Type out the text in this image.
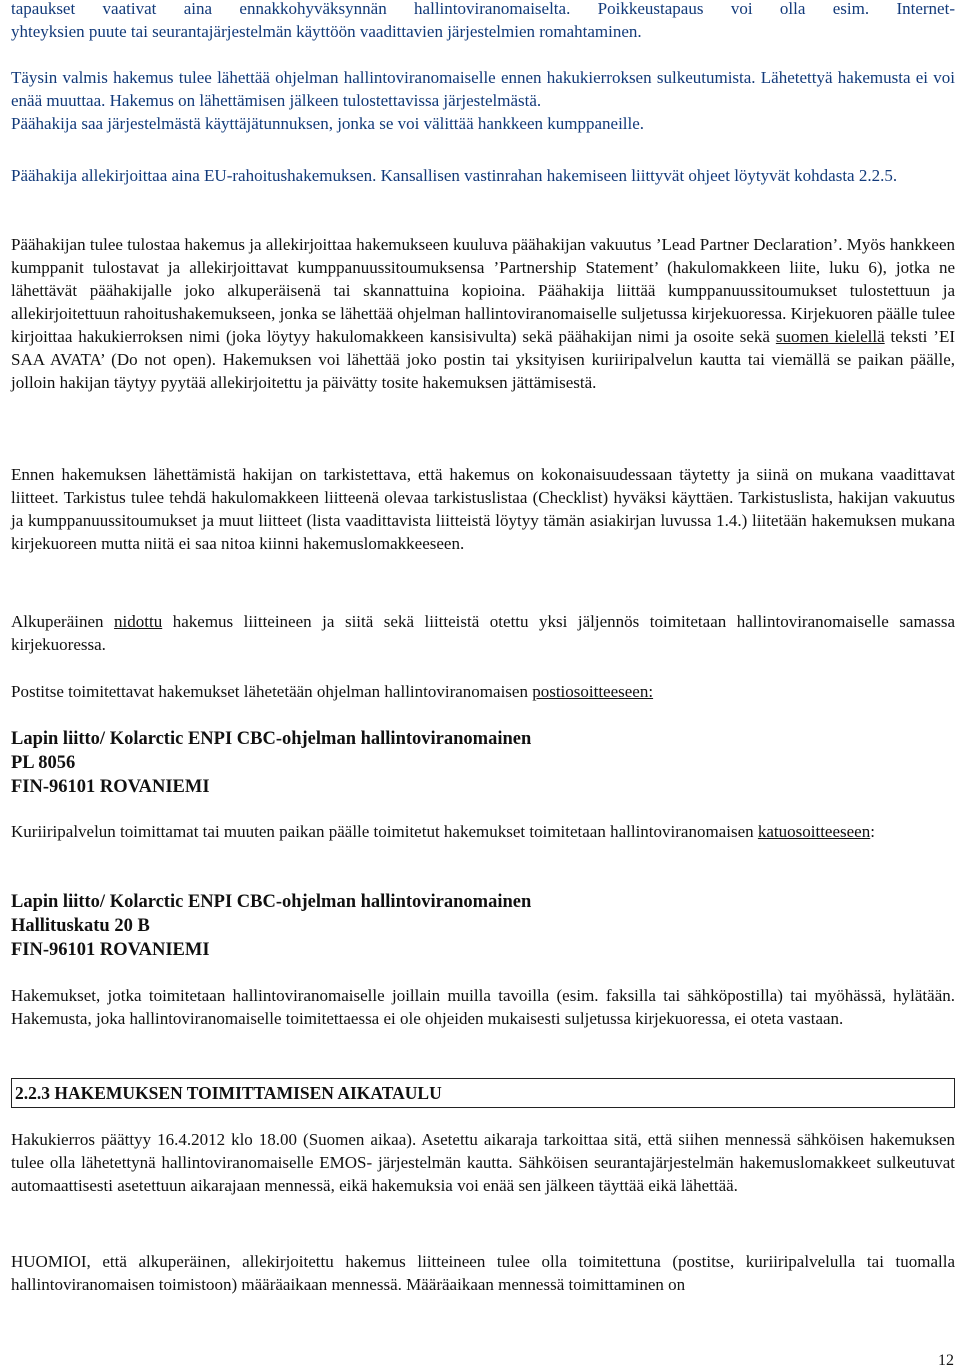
tapaukset vaativat aina ennakkohyväksynnän hallintoviranomaiselta. Poikkeustapaus voi olla esim. Internet-

yhteyksien puute tai seurantajärjestelmän käyttöön vaadittavien järjestelmien romahtaminen.

Täysin valmis hakemus tulee lähettää ohjelman hallintoviranomaiselle ennen hakukierroksen sulkeutumista. Lähetettyä hakemusta ei voi enää muuttaa. Hakemus on lähettämisen jälkeen tulostettavissa järjestelmästä.

Päähakija saa järjestelmästä käyttäjätunnuksen, jonka se voi välittää hankkeen kumppaneille.

Päähakija allekirjoittaa aina EU-rahoitushakemuksen. Kansallisen vastinrahan hakemiseen liittyvät ohjeet löytyvät kohdasta 2.2.5.

Päähakijan tulee tulostaa hakemus ja allekirjoittaa hakemukseen kuuluva päähakijan vakuutus ’Lead Partner Declaration’. Myös hankkeen kumppanit tulostavat ja allekirjoittavat kumppanuussitoumuksensa ’Partnership Statement’ (hakulomakkeen liite, luku 6), jotka ne lähettävät päähakijalle joko alkuperäisenä tai skannattuina kopioina. Päähakija liittää kumppanuussitoumukset tulostettuun ja allekirjoitettuun rahoitushakemukseen, jonka se lähettää ohjelman hallintoviranomaiselle suljetussa kirjekuoressa. Kirjekuoren päälle tulee kirjoittaa hakukierroksen nimi (joka löytyy hakulomakkeen kansisivulta) sekä päähakijan nimi ja osoite sekä suomen kielellä teksti ’EI SAA AVATA’ (Do not open). Hakemuksen voi lähettää joko postin tai yksityisen kuriiripalvelun kautta tai viemällä se paikan päälle, jolloin hakijan täytyy pyytää allekirjoitettu ja päivätty tosite hakemuksen jättämisestä.

Ennen hakemuksen lähettämistä hakijan on tarkistettava, että hakemus on kokonaisuudessaan täytetty ja siinä on mukana vaadittavat liitteet. Tarkistus tulee tehdä hakulomakkeen liitteenä olevaa tarkistuslistaa (Checklist) hyväksi käyttäen. Tarkistuslista, hakijan vakuutus ja kumppanuussitoumukset ja muut liitteet (lista vaadittavista liitteistä löytyy tämän asiakirjan luvussa 1.4.) liitetään hakemuksen mukana kirjekuoreen mutta niitä ei saa nitoa kiinni hakemuslomakkeeseen.

Alkuperäinen nidottu hakemus liitteineen ja siitä sekä liitteistä otettu yksi jäljennös toimitetaan hallintoviranomaiselle samassa kirjekuoressa.

Postitse toimitettavat hakemukset lähetetään ohjelman hallintoviranomaisen postiosoitteeseen:

Lapin liitto/ Kolarctic ENPI CBC-ohjelman hallintoviranomainen

PL 8056

FIN-96101 ROVANIEMI

Kuriiripalvelun toimittamat tai muuten paikan päälle toimitetut hakemukset toimitetaan hallintoviranomaisen katuosoitteeseen:

Lapin liitto/ Kolarctic ENPI CBC-ohjelman hallintoviranomainen

Hallituskatu 20 B

FIN-96101 ROVANIEMI

Hakemukset, jotka toimitetaan hallintoviranomaiselle joillain muilla tavoilla (esim. faksilla tai sähköpostilla) tai myöhässä, hylätään. Hakemusta, joka hallintoviranomaiselle toimitettaessa ei ole ohjeiden mukaisesti suljetussa kirjekuoressa, ei oteta vastaan.

2.2.3 HAKEMUKSEN TOIMITTAMISEN AIKATAULU

Hakukierros päättyy 16.4.2012 klo 18.00 (Suomen aikaa). Asetettu aikaraja tarkoittaa sitä, että siihen mennessä sähköisen hakemuksen tulee olla lähetettynä hallintoviranomaiselle EMOS- järjestelmän kautta. Sähköisen seurantajärjestelmän hakemuslomakkeet sulkeutuvat automaattisesti asetettuun aikarajaan mennessä, eikä hakemuksia voi enää sen jälkeen täyttää eikä lähettää.

HUOMIOI, että alkuperäinen, allekirjoitettu hakemus liitteineen tulee olla toimitettuna (postitse, kuriiripalvelulla tai tuomalla hallintoviranomaisen toimistoon) määräaikaan mennessä. Määräaikaan mennessä toimittaminen on

12
